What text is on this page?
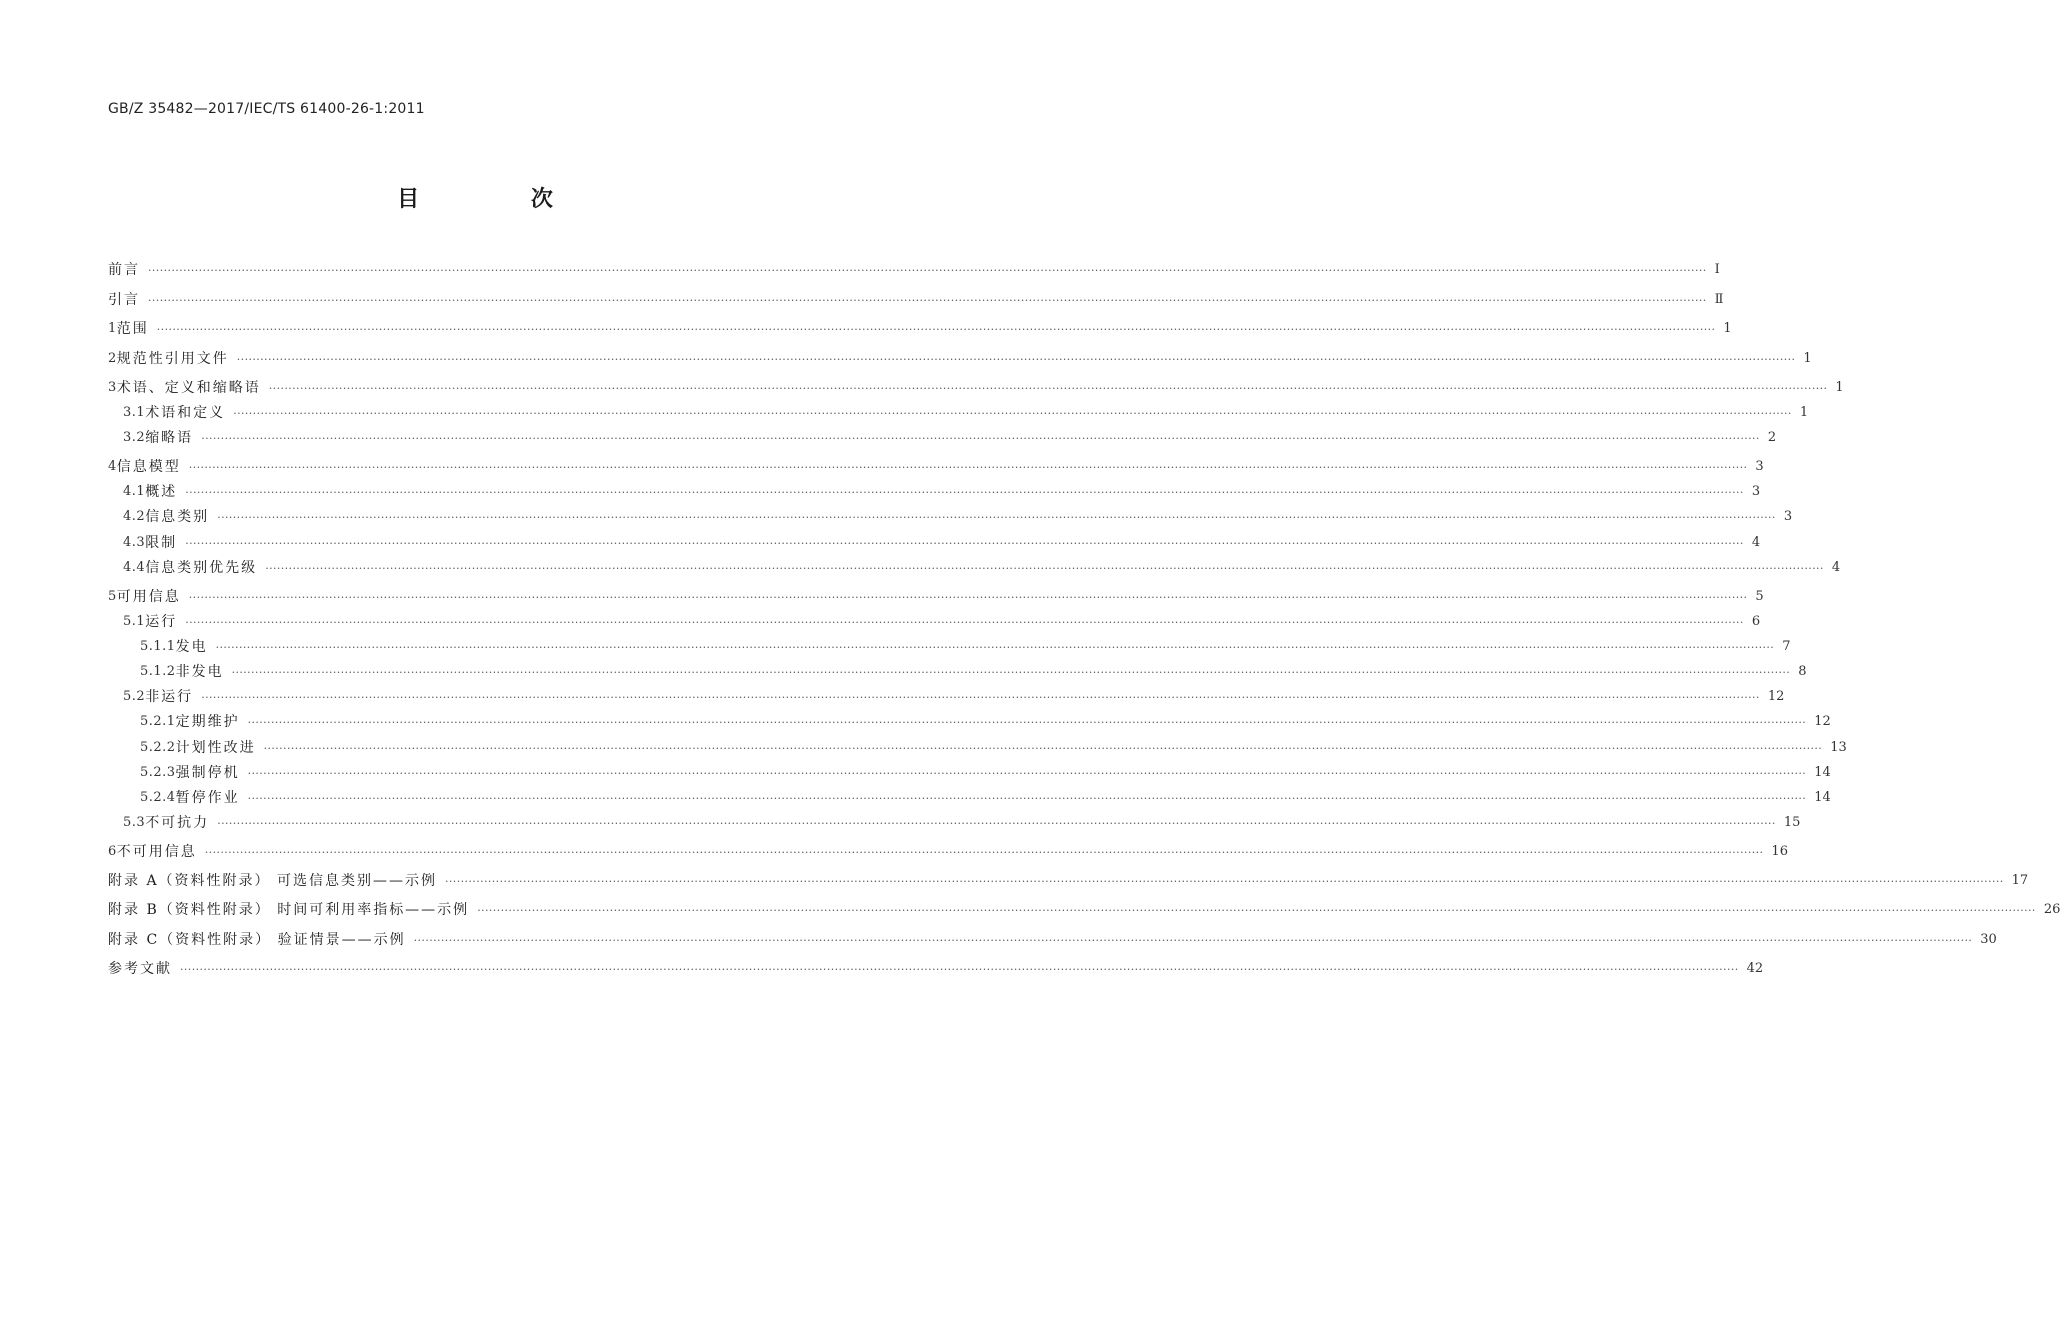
GB/Z 35482—2017/IEC/TS 61400-26-1:2011
目 次
前言 ················································································································································································································································································································································································································ Ⅰ
引言 ················································································································································································································································································································································································································ Ⅱ
1 范围 ················································································································································································································································································································································································································ 1
2 规范性引用文件 ················································································································································································································································································································································································································ 1
3 术语、定义和缩略语 ················································································································································································································································································································································································································ 1
3.1 术语和定义 ················································································································································································································································································································································································································ 1
3.2 缩略语 ················································································································································································································································································································································································································ 2
4 信息模型 ················································································································································································································································································································································································································ 3
4.1 概述 ················································································································································································································································································································································································································ 3
4.2 信息类别 ················································································································································································································································································································································································································ 3
4.3 限制 ················································································································································································································································································································································································································ 4
4.4 信息类别优先级 ················································································································································································································································································································································································································ 4
5 可用信息 ················································································································································································································································································································································································································ 5
5.1 运行 ················································································································································································································································································································································································································ 6
5.1.1 发电 ················································································································································································································································································································································································································ 7
5.1.2 非发电 ················································································································································································································································································································································································································ 8
5.2 非运行 ················································································································································································································································································································································································································ 12
5.2.1 定期维护 ················································································································································································································································································································································································································ 12
5.2.2 计划性改进 ················································································································································································································································································································································································································ 13
5.2.3 强制停机 ················································································································································································································································································································································································································ 14
5.2.4 暂停作业 ················································································································································································································································································································································································································ 14
5.3 不可抗力 ················································································································································································································································································································································································································ 15
6 不可用信息 ················································································································································································································································································································································································································ 16
附录 A（资料性附录） 可选信息类别——示例 ················································································································································································································································································································································································································ 17
附录 B（资料性附录） 时间可利用率指标——示例 ················································································································································································································································································································································································································ 26
附录 C（资料性附录） 验证情景——示例 ················································································································································································································································································································································································································ 30
参考文献 ················································································································································································································································································································································································································ 42
